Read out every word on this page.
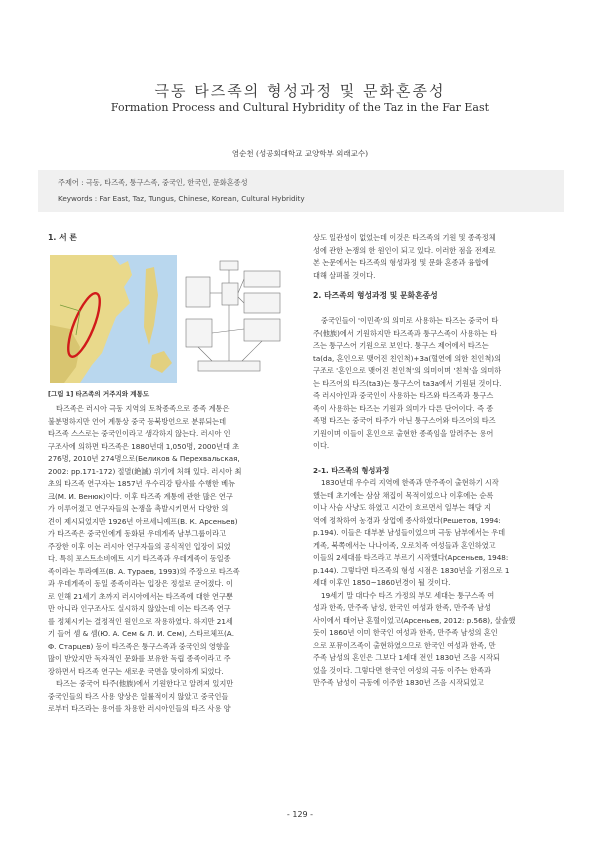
극동 타즈족의 형성과정 및 문화혼종성
Formation Process and Cultural Hybridity of the Taz in the Far East
염순천 (성공회대학교 교양학부 외래교수)
주제어 : 극동, 타즈족, 퉁구스족, 중국인, 한국인, 문화혼종성
Keywords : Far East, Taz, Tungus, Chinese, Korean, Cultural Hybridity
1. 서 론
[그림 1] 타즈족의 거주지와 계통도
타즈족은 러시아 극동 지역의 토착종족으로 종족 계통은
불분명하지만 언어 계통상 중국 등북방언으로 분류되는데
타즈족 스스로는 중국인이라고 생각하지 않는다. 러시아 인
구조사에 의하면 타즈족은 1880년대 1,050명, 2000년대 초
276명, 2010년 274명으로(Беликов & Перехвальская,
2002: pp.171-172) 절멸(絶滅) 위기에 처해 있다. 러시아 최
초의 타즈족 연구자는 1857년 우수리강 탐사를 수행한 베뉴
크(М. И. Венюк)이다. 이후 타즈족 계통에 관한 많은 연구
가 이루어졌고 연구자들의 논쟁을 촉발시키면서 다양한 의
견이 제시되었지만 1926년 아르세니예프(В. К. Арсеньев)
가 타즈족은 중국인에게 동화된 우데게족 남부그룹이라고
주장한 이후 이는 러시아 연구자들의 공식적인 입장이 되었
다. 특히 포스트소비에트 시기 타즈족과 우데게족이 동일종
족이라는 투라예프(В. А. Тураев, 1993)의 주장으로 타즈족
과 우데게족이 동일 종족이라는 입장은 정설로 굳어졌다. 이
로 인해 21세기 초까지 러시아에서는 타즈족에 대한 연구뿐
만 아니라 인구조사도 실시하지 않았는데 이는 타즈족 연구
를 정체시키는 결정적인 원인으로 작용하였다. 하지만 21세
기 들어 셈 & 셈(Ю. А. Сем & Л. И. Сем), 스타르체프(А.
Ф. Старцев) 등이 타즈족은 퉁구스족과 중국인의 영향을
많이 받았지만 독자적인 문화를 보유한 독립 종족이라고 주
장하면서 타즈족 연구는 새로운 국면을 맞이하게 되었다.
타즈는 중국어 타주(他族)에서 기원한다고 알려져 있지만
중국인들의 타즈 사용 양상은 일률적이지 않았고 중국인들
로부터 타즈라는 용어를 차용한 러시아인들의 타즈 사용 양
상도 일관성이 없었는데 이것은 타즈족의 기원 및 종족정체
성에 관한 논쟁의 한 원인이 되고 있다. 이러한 점을 전제로
본 논문에서는 타즈족의 형성과정 및 문화 혼종과 융합에
대해 살펴볼 것이다.
2. 타즈족의 형성과정 및 문화혼종성
중국인들이 '이민족'의 의미로 사용하는 타즈는 중국어 타
주(他族)에서 기원하지만 타즈족과 퉁구스족이 사용하는 타
즈는 퉁구스어 기원으로 보인다. 퉁구스 제어에서 타즈는
ta(da, 혼인으로 맺어진 친인척)+3a(혈연에 의한 친인척)의
구조로 '혼인으로 맺어진 친인척'의 의미이며 '친척'을 의미하
는 타즈어의 타즈(ta3)는 퉁구스어 ta3a에서 기원된 것이다.
즉 러시아인과 중국인이 사용하는 타즈와 타즈족과 퉁구스
족이 사용하는 타즈는 기원과 의미가 다른 단어이다. 즉 종
족명 타즈는 중국어 타주가 아닌 퉁구스어와 타즈어의 타즈
기원이며 이들이 혼인으로 출현한 종족임을 알려주는 용어
이다.
2-1. 타즈족의 형성과정
1830년대 우수리 지역에 한족과 만주족이 출현하기 시작
했는데 초기에는 삼삼 채집이 목적이었으나 이후에는 순록
이나 사슴 사냥도 하였고 시간이 흐르면서 일부는 해당 지
역에 정착하여 농경과 상업에 종사하였다(Решетов, 1994:
p.194). 이들은 대부분 남성들이었으며 극동 남부에서는 우데
게족, 북쪽에서는 나나이족, 오로치족 여성들과 혼인하였고
이들의 2세대를 타즈라고 부르기 시작했다(Арсеньев, 1948:
p.144). 그렇다면 타즈족의 형성 시점은 1830년을 기점으로 1
세대 이후인 1850~1860년경이 될 것이다.
19세기 말 대다수 타즈 가정의 부모 세대는 퉁구스족 여
성과 한족, 만주족 남성, 한국인 여성과 한족, 만주족 남성
사이에서 태어난 혼혈이었고(Арсеньев, 2012: p.568), 살솔했
듯이 1860년 이미 한국인 여성과 한족, 만주족 남성의 혼인
으로 포뮤이즈족이 출현하였으므로 한국인 여성과 한족, 만
주족 남성의 혼인은 그보다 1세대 전인 1830년 즈음 시작되
었을 것이다. 그렇다면 한국인 여성의 극동 이주는 한족과
만주족 남성이 극동에 이주한 1830년 즈음 시작되었고
- 129 -
